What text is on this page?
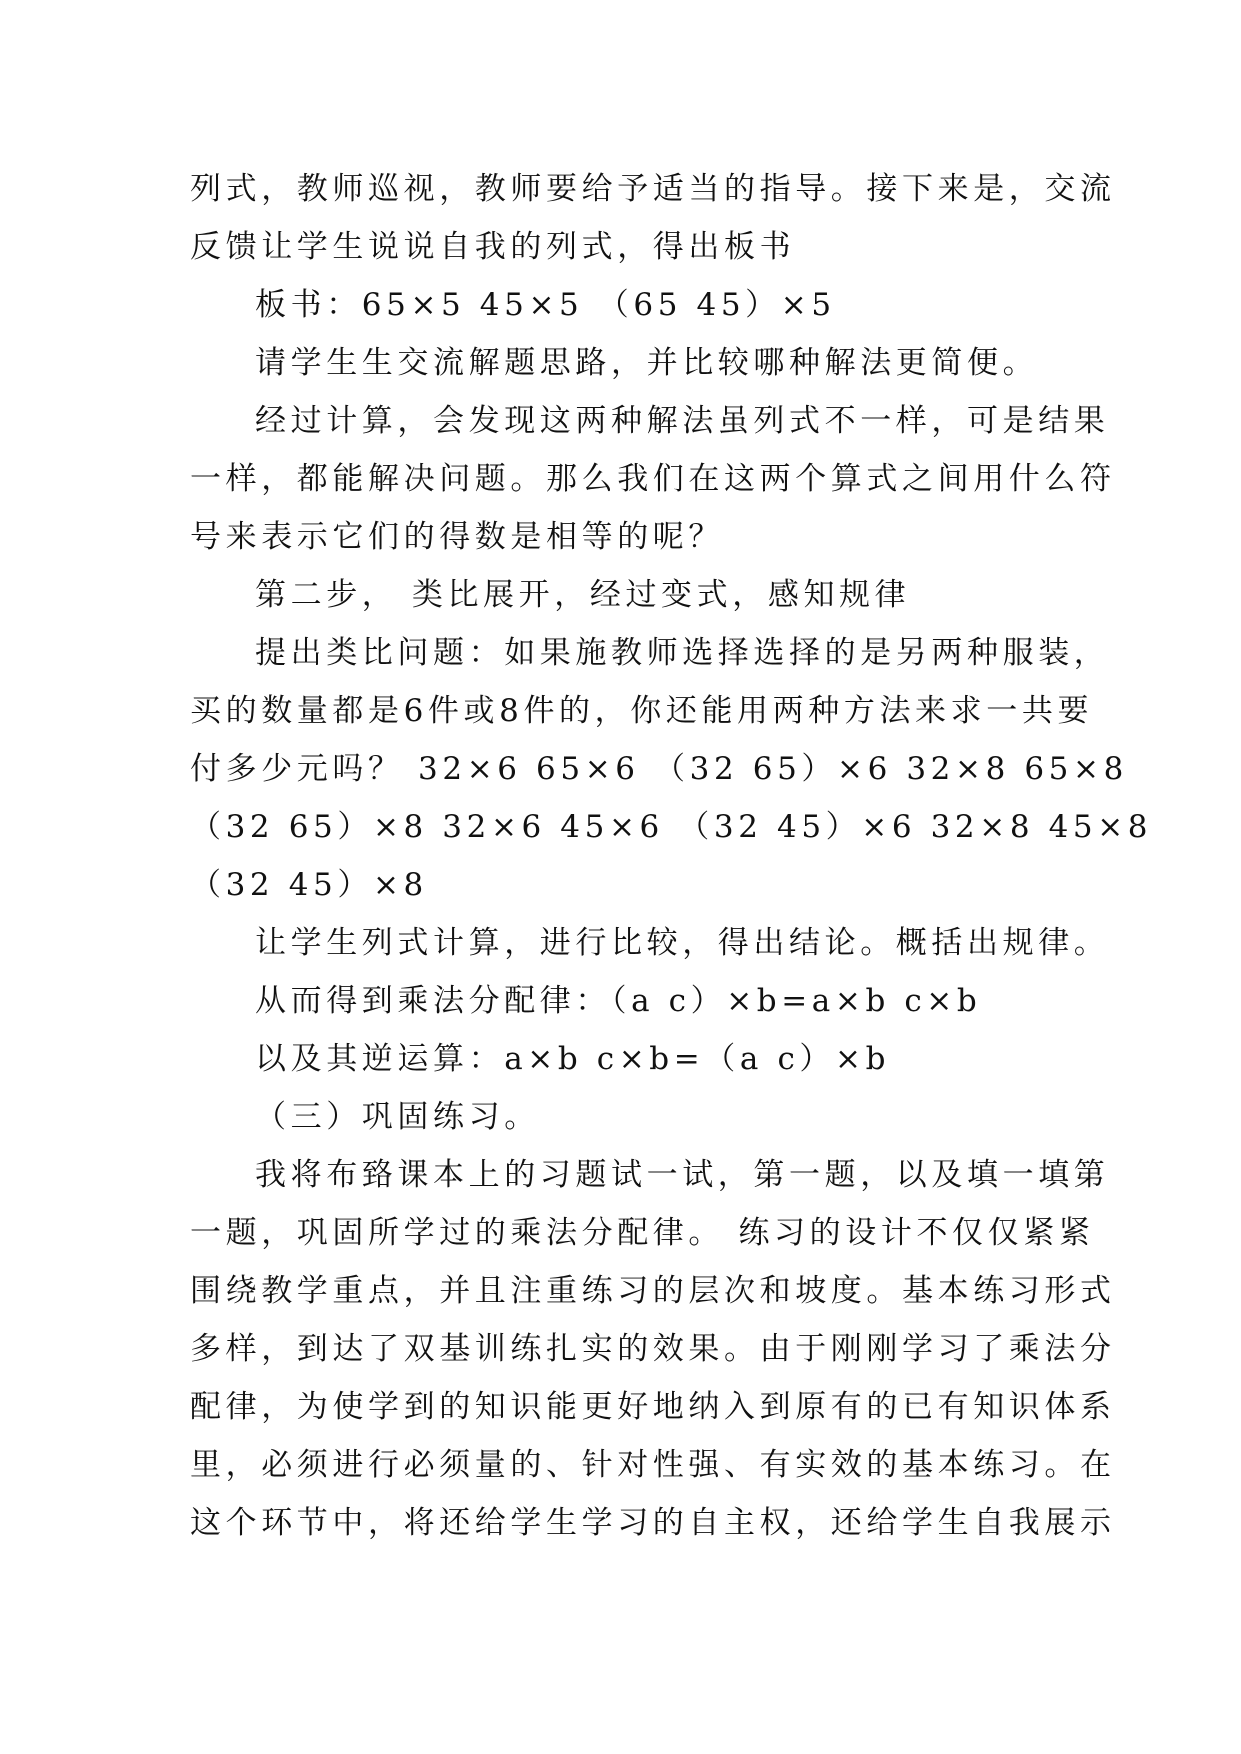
列式，教师巡视，教师要给予适当的指导。接下来是，交流
反馈让学生说说自我的列式，得出板书
板书：65×5 45×5 （65 45）×5
请学生生交流解题思路，并比较哪种解法更简便。
经过计算，会发现这两种解法虽列式不一样，可是结果
一样，都能解决问题。那么我们在这两个算式之间用什么符
号来表示它们的得数是相等的呢？
第二步， 类比展开，经过变式，感知规律
提出类比问题：如果施教师选择选择的是另两种服装，
买的数量都是6件或8件的，你还能用两种方法来求一共要
付多少元吗？ 32×6 65×6 （32 65）×6 32×8 65×8
（32 65）×8 32×6 45×6 （32 45）×6 32×8 45×8
（32 45）×8
让学生列式计算，进行比较，得出结论。概括出规律。
从而得到乘法分配律：（a c）×b=a×b c×b
以及其逆运算：a×b c×b=（a c）×b
（三）巩固练习。
我将布臵课本上的习题试一试，第一题，以及填一填第
一题，巩固所学过的乘法分配律。 练习的设计不仅仅紧紧
围绕教学重点，并且注重练习的层次和坡度。基本练习形式
多样，到达了双基训练扎实的效果。由于刚刚学习了乘法分
配律，为使学到的知识能更好地纳入到原有的已有知识体系
里，必须进行必须量的、针对性强、有实效的基本练习。在
这个环节中，将还给学生学习的自主权，还给学生自我展示
